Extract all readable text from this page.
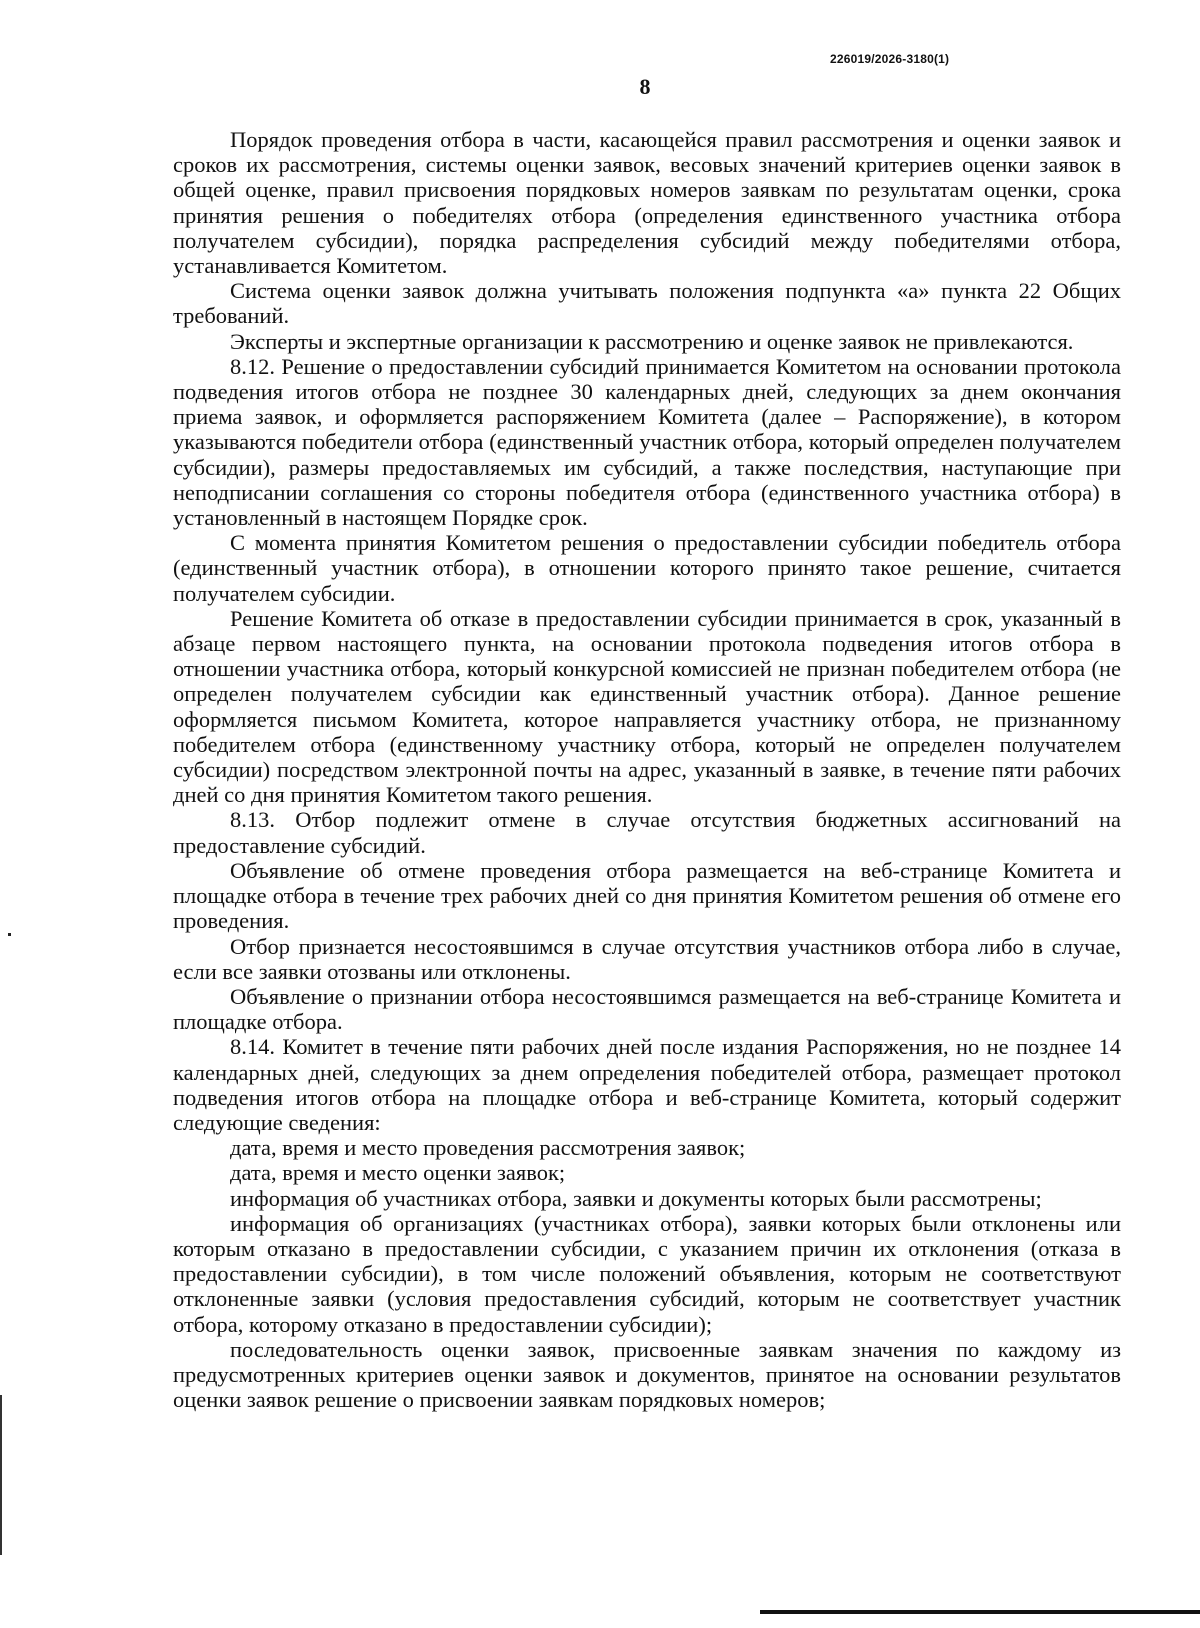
226019/2026-3180(1)
8

Порядок проведения отбора в части, касающейся правил рассмотрения и оценки заявок и сроков их рассмотрения, системы оценки заявок, весовых значений критериев оценки заявок в общей оценке, правил присвоения порядковых номеров заявкам по результатам оценки, срока принятия решения о победителях отбора (определения единственного участника отбора получателем субсидии), порядка распределения субсидий между победителями отбора, устанавливается Комитетом.

Система оценки заявок должна учитывать положения подпункта «а» пункта 22 Общих требований.

Эксперты и экспертные организации к рассмотрению и оценке заявок не привлекаются.

8.12. Решение о предоставлении субсидий принимается Комитетом на основании протокола подведения итогов отбора не позднее 30 календарных дней, следующих за днем окончания приема заявок, и оформляется распоряжением Комитета (далее – Распоряжение), в котором указываются победители отбора (единственный участник отбора, который определен получателем субсидии), размеры предоставляемых им субсидий, а также последствия, наступающие при неподписании соглашения со стороны победителя отбора (единственного участника отбора) в установленный в настоящем Порядке срок.

С момента принятия Комитетом решения о предоставлении субсидии победитель отбора (единственный участник отбора), в отношении которого принято такое решение, считается получателем субсидии.

Решение Комитета об отказе в предоставлении субсидии принимается в срок, указанный в абзаце первом настоящего пункта, на основании протокола подведения итогов отбора в отношении участника отбора, который конкурсной комиссией не признан победителем отбора (не определен получателем субсидии как единственный участник отбора). Данное решение оформляется письмом Комитета, которое направляется участнику отбора, не признанному победителем отбора (единственному участнику отбора, который не определен получателем субсидии) посредством электронной почты на адрес, указанный в заявке, в течение пяти рабочих дней со дня принятия Комитетом такого решения.

8.13. Отбор подлежит отмене в случае отсутствия бюджетных ассигнований на предоставление субсидий.

Объявление об отмене проведения отбора размещается на веб-странице Комитета и площадке отбора в течение трех рабочих дней со дня принятия Комитетом решения об отмене его проведения.

Отбор признается несостоявшимся в случае отсутствия участников отбора либо в случае, если все заявки отозваны или отклонены.

Объявление о признании отбора несостоявшимся размещается на веб-странице Комитета и площадке отбора.

8.14. Комитет в течение пяти рабочих дней после издания Распоряжения, но не позднее 14 календарных дней, следующих за днем определения победителей отбора, размещает протокол подведения итогов отбора на площадке отбора и веб-странице Комитета, который содержит следующие сведения:

дата, время и место проведения рассмотрения заявок;

дата, время и место оценки заявок;

информация об участниках отбора, заявки и документы которых были рассмотрены;

информация об организациях (участниках отбора), заявки которых были отклонены или которым отказано в предоставлении субсидии, с указанием причин их отклонения (отказа в предоставлении субсидии), в том числе положений объявления, которым не соответствуют отклоненные заявки (условия предоставления субсидий, которым не соответствует участник отбора, которому отказано в предоставлении субсидии);

последовательность оценки заявок, присвоенные заявкам значения по каждому из предусмотренных критериев оценки заявок и документов, принятое на основании результатов оценки заявок решение о присвоении заявкам порядковых номеров;
